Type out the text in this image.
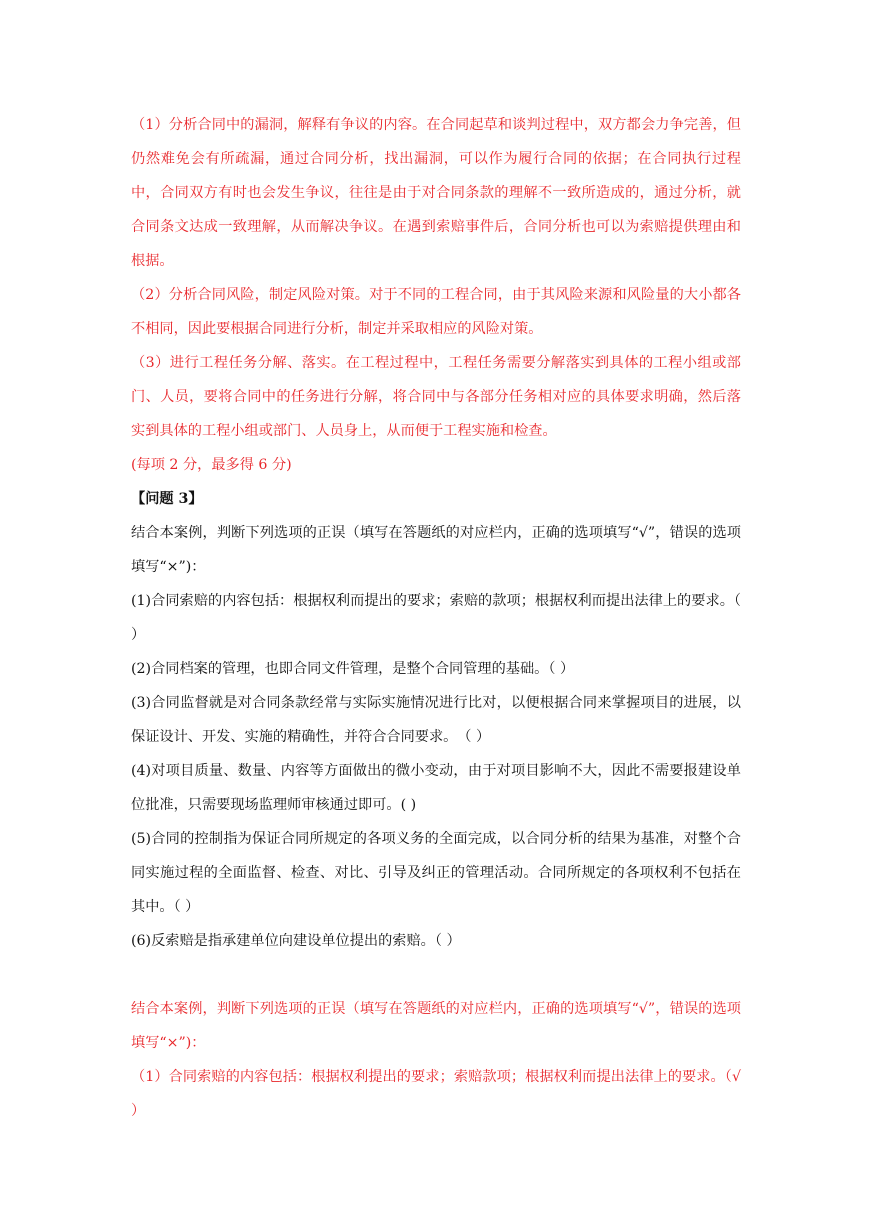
（1）分析合同中的漏洞，解释有争议的内容。在合同起草和谈判过程中，双方都会力争完善，但仍然难免会有所疏漏，通过合同分析，找出漏洞，可以作为履行合同的依据；在合同执行过程中，合同双方有时也会发生争议，往往是由于对合同条款的理解不一致所造成的，通过分析，就合同条文达成一致理解，从而解决争议。在遇到索赔事件后，合同分析也可以为索赔提供理由和根据。

（2）分析合同风险，制定风险对策。对于不同的工程合同，由于其风险来源和风险量的大小都各不相同，因此要根据合同进行分析，制定并采取相应的风险对策。

（3）进行工程任务分解、落实。在工程过程中，工程任务需要分解落实到具体的工程小组或部门、人员，要将合同中的任务进行分解，将合同中与各部分任务相对应的具体要求明确，然后落实到具体的工程小组或部门、人员身上，从而便于工程实施和检查。

(每项 2 分，最多得 6 分)

【问题 3】

结合本案例，判断下列选项的正误（填写在答题纸的对应栏内，正确的选项填写“√”，错误的选项填写“×”)：

(1)合同索赔的内容包括：根据权利而提出的要求；索赔的款项；根据权利而提出法律上的要求。（ ）

(2)合同档案的管理，也即合同文件管理，是整个合同管理的基础。（ ）

(3)合同监督就是对合同条款经常与实际实施情况进行比对，以便根据合同来掌握项目的进展，以保证设计、开发、实施的精确性，并符合合同要求。　（ ）

(4)对项目质量、数量、内容等方面做出的微小变动，由于对项目影响不大，因此不需要报建设单位批准，只需要现场监理师审核通过即可。( )

(5)合同的控制指为保证合同所规定的各项义务的全面完成，以合同分析的结果为基准，对整个合同实施过程的全面监督、检查、对比、引导及纠正的管理活动。合同所规定的各项权利不包括在其中。（ ）

(6)反索赔是指承建单位向建设单位提出的索赔。（ ）

结合本案例，判断下列选项的正误（填写在答题纸的对应栏内，正确的选项填写“√”，错误的选项填写“×”)：

（1）合同索赔的内容包括：根据权利提出的要求；索赔款项；根据权利而提出法律上的要求。（√ ）
